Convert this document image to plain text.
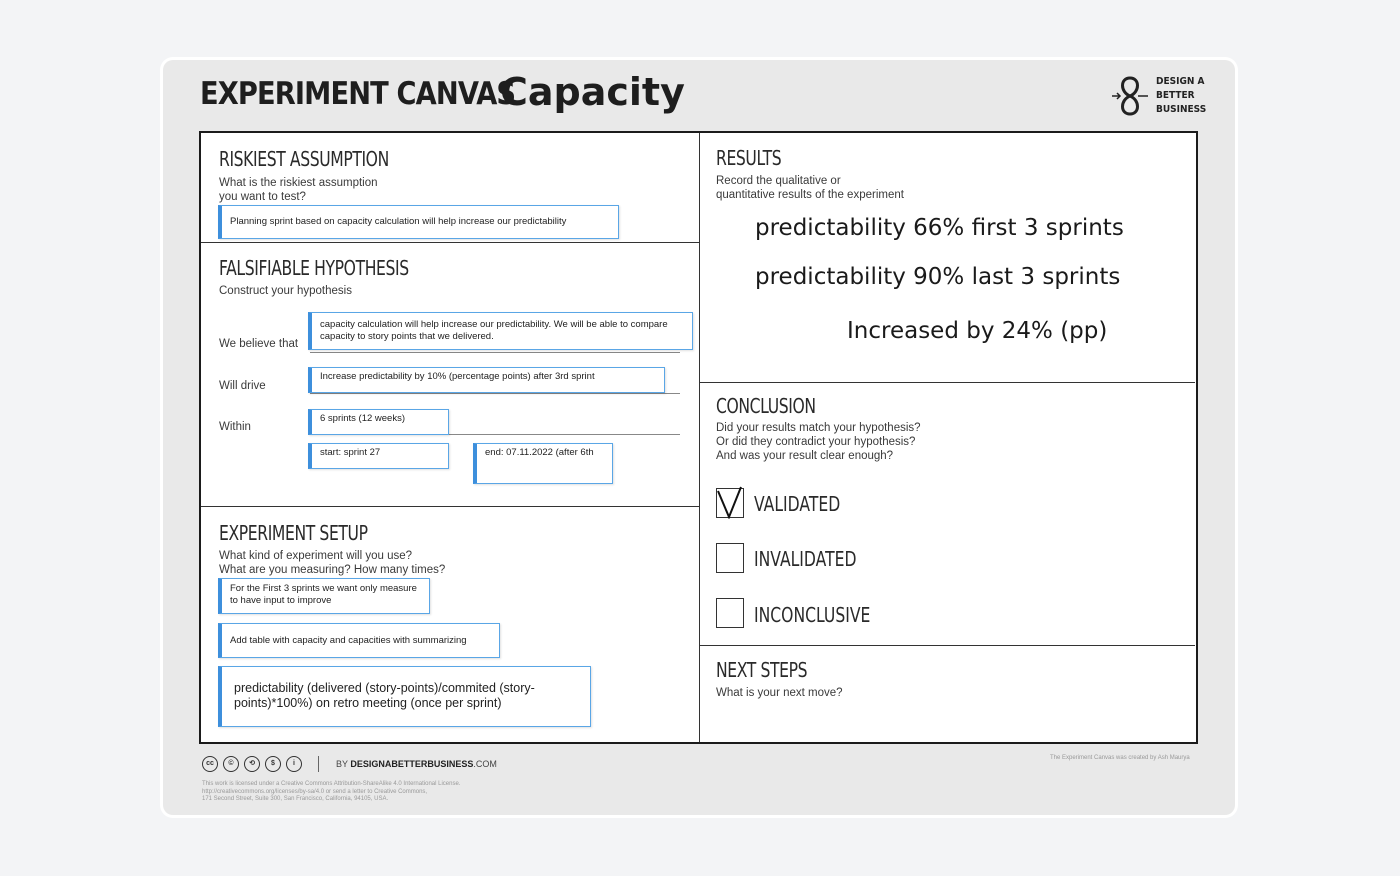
EXPERIMENT CANVAS
Capacity	DESIGN A
BETTER
BUSINESS
RISKIEST ASSUMPTION
What is the riskiest assumption
you want to test?
Planning sprint based on capacity calculation will help increase our predictability
FALSIFIABLE HYPOTHESIS
Construct your hypothesis
We believe that
capacity calculation will help increase our predictability. We will be able to compare capacity to story points that we delivered.
Will drive
Increase predictability by 10% (percentage points) after 3rd sprint
Within
6 sprints (12 weeks)
start: sprint 27	end: 07.11.2022 (after 6th
EXPERIMENT SETUP
What kind of experiment will you use?
What are you measuring? How many times?
For the First 3 sprints we want only measure to have input to improve
Add table with capacity and capacities with summarizing
predictability (delivered (story-points)/commited (story-points)*100%) on retro meeting (once per sprint)
RESULTS
Record the qualitative or
quantitative results of the experiment
predictability 66% first 3 sprints
predictability 90% last 3 sprints
Increased by 24% (pp)
CONCLUSION
Did your results match your hypothesis?
Or did they contradict your hypothesis?
And was your result clear enough?
VALIDATED
INVALIDATED
INCONCLUSIVE
NEXT STEPS
What is your next move?
cc	©	⟲	$	i	BY DESIGNABETTERBUSINESS.COM
This work is licensed under a Creative Commons Attribution-ShareAlike 4.0 International License.
http://creativecommons.org/licenses/by-sa/4.0 or send a letter to Creative Commons,
171 Second Street, Suite 300, San Francisco, California, 94105, USA.
The Experiment Canvas was created by Ash Maurya
